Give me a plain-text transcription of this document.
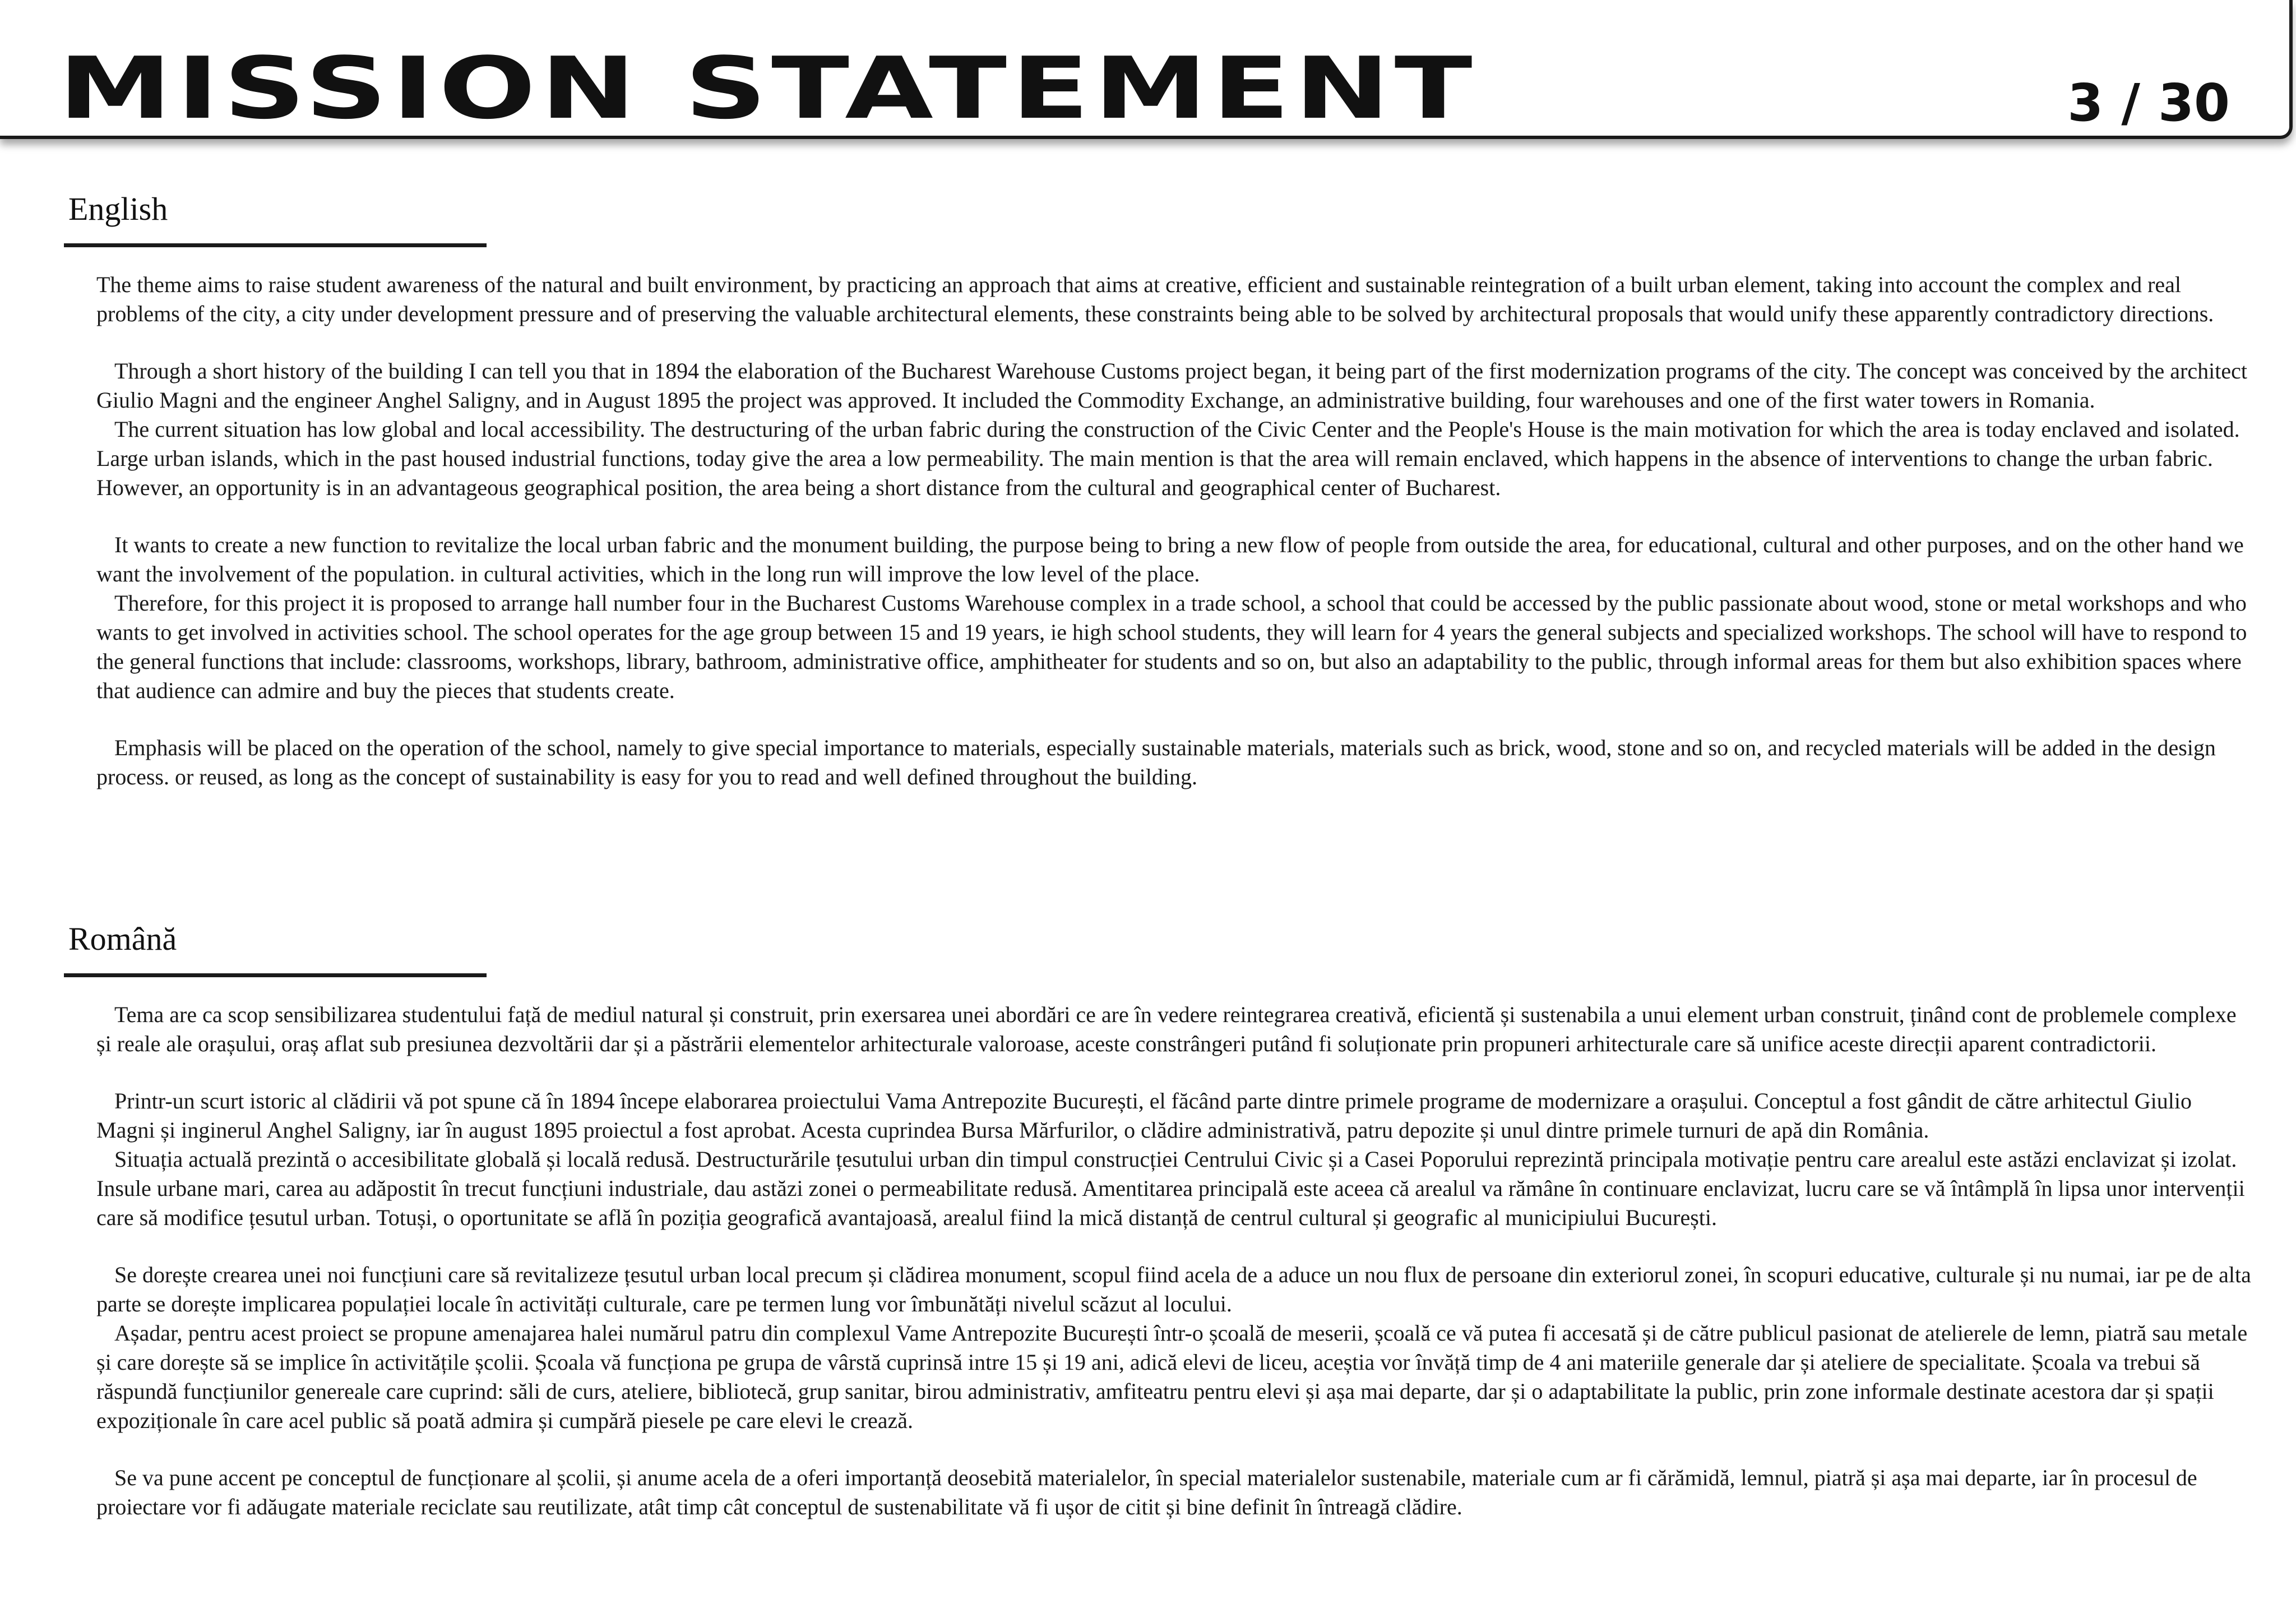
MISSION STATEMENT	3 / 30
English

The theme aims to raise student awareness of the natural and built environment, by practicing an approach that aims at creative, efficient and sustainable reintegration of a built urban element, taking into account the complex and real problems of the city, a city under development pressure and of preserving the valuable architectural elements, these constraints being able to be solved by architectural proposals that would unify these apparently contradictory directions.

Through a short history of the building I can tell you that in 1894 the elaboration of the Bucharest Warehouse Customs project began, it being part of the first modernization programs of the city. The concept was conceived by the architect Giulio Magni and the engineer Anghel Saligny, and in August 1895 the project was approved. It included the Commodity Exchange, an administrative building, four warehouses and one of the first water towers in Romania.

The current situation has low global and local accessibility. The destructuring of the urban fabric during the construction of the Civic Center and the People's House is the main motivation for which the area is today enclaved and isolated. Large urban islands, which in the past housed industrial functions, today give the area a low permeability. The main mention is that the area will remain enclaved, which happens in the absence of interventions to change the urban fabric. However, an opportunity is in an advantageous geographical position, the area being a short distance from the cultural and geographical center of Bucharest.

It wants to create a new function to revitalize the local urban fabric and the monument building, the purpose being to bring a new flow of people from outside the area, for educational, cultural and other purposes, and on the other hand we want the involvement of the population. in cultural activities, which in the long run will improve the low level of the place.

Therefore, for this project it is proposed to arrange hall number four in the Bucharest Customs Warehouse complex in a trade school, a school that could be accessed by the public passionate about wood, stone or metal workshops and who wants to get involved in activities school. The school operates for the age group between 15 and 19 years, ie high school students, they will learn for 4 years the general subjects and specialized workshops. The school will have to respond to the general functions that include: classrooms, workshops, library, bathroom, administrative office, amphitheater for students and so on, but also an adaptability to the public, through informal areas for them but also exhibition spaces where that audience can admire and buy the pieces that students create.

Emphasis will be placed on the operation of the school, namely to give special importance to materials, especially sustainable materials, materials such as brick, wood, stone and so on, and recycled materials will be added in the design process. or reused, as long as the concept of sustainability is easy for you to read and well defined throughout the building.

Română

Tema are ca scop sensibilizarea studentului față de mediul natural și construit, prin exersarea unei abordări ce are în vedere reintegrarea creativă, eficientă și sustenabila a unui element urban construit, ținând cont de problemele complexe și reale ale orașului, oraș aflat sub presiunea dezvoltării dar și a păstrării elementelor arhitecturale valoroase, aceste constrângeri putând fi soluționate prin propuneri arhitecturale care să unifice aceste direcții aparent contradictorii.

Printr-un scurt istoric al clădirii vă pot spune că în 1894 începe elaborarea proiectului Vama Antrepozite București, el făcând parte dintre primele programe de modernizare a orașului. Conceptul a fost gândit de către arhitectul Giulio Magni și inginerul Anghel Saligny, iar în august 1895 proiectul a fost aprobat. Acesta cuprindea Bursa Mărfurilor, o clădire administrativă, patru depozite și unul dintre primele turnuri de apă din România.

Situația actuală prezintă o accesibilitate globală și locală redusă. Destructurările țesutului urban din timpul construcției Centrului Civic și a Casei Poporului reprezintă principala motivație pentru care arealul este astăzi enclavizat și izolat. Insule urbane mari, carea au adăpostit în trecut funcțiuni industriale, dau astăzi zonei o permeabilitate redusă. Amentitarea principală este aceea că arealul va rămâne în continuare enclavizat, lucru care se vă întâmplă în lipsa unor intervenții care să modifice țesutul urban. Totuși, o oportunitate se află în poziția geografică avantajoasă, arealul fiind la mică distanță de centrul cultural și geografic al municipiului București.

Se dorește crearea unei noi funcțiuni care să revitalizeze țesutul urban local precum și clădirea monument, scopul fiind acela de a aduce un nou flux de persoane din exteriorul zonei, în scopuri educative, culturale și nu numai, iar pe de alta parte se dorește implicarea populației locale în activități culturale, care pe termen lung vor îmbunătăți nivelul scăzut al locului.

Așadar, pentru acest proiect se propune amenajarea halei numărul patru din complexul Vame Antrepozite București într-o școală de meserii, școală ce vă putea fi accesată și de către publicul pasionat de atelierele de lemn, piatră sau metale și care dorește să se implice în activitățile școlii. Școala vă funcționa pe grupa de vârstă cuprinsă intre 15 și 19 ani, adică elevi de liceu, aceștia vor învăță timp de 4 ani materiile generale dar și ateliere de specialitate. Școala va trebui să răspundă funcțiunilor genereale care cuprind: săli de curs, ateliere, bibliotecă, grup sanitar, birou administrativ, amfiteatru pentru elevi și așa mai departe, dar și o adaptabilitate la public, prin zone informale destinate acestora dar și spații expoziționale în care acel public să poată admira și cumpără piesele pe care elevi le crează.

Se va pune accent pe conceptul de funcționare al școlii, și anume acela de a oferi importanță deosebită materialelor, în special materialelor sustenabile, materiale cum ar fi cărămidă, lemnul, piatră și așa mai departe, iar în procesul de proiectare vor fi adăugate materiale reciclate sau reutilizate, atât timp cât conceptul de sustenabilitate vă fi ușor de citit și bine definit în întreagă clădire.
